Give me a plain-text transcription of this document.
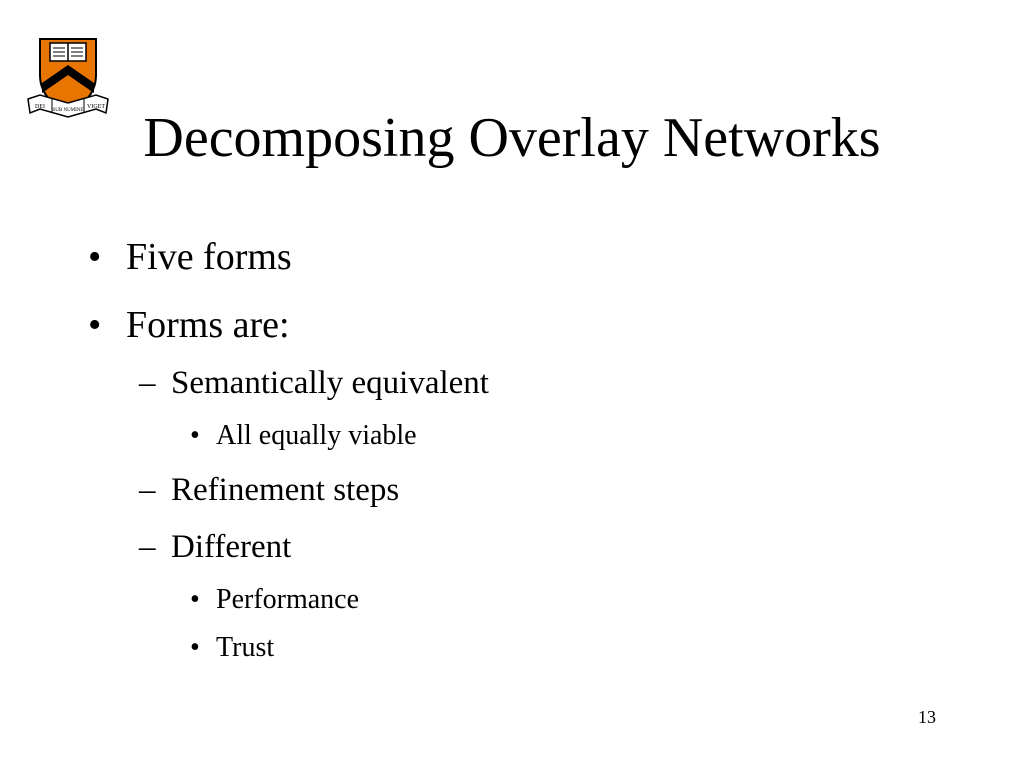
DEI
SUB NUMINE
VIGET Decomposing Overlay Networks
• Five forms
• Forms are:
– Semantically equivalent
• All equally viable
– Refinement steps
– Different
• Performance
• Trust
13
